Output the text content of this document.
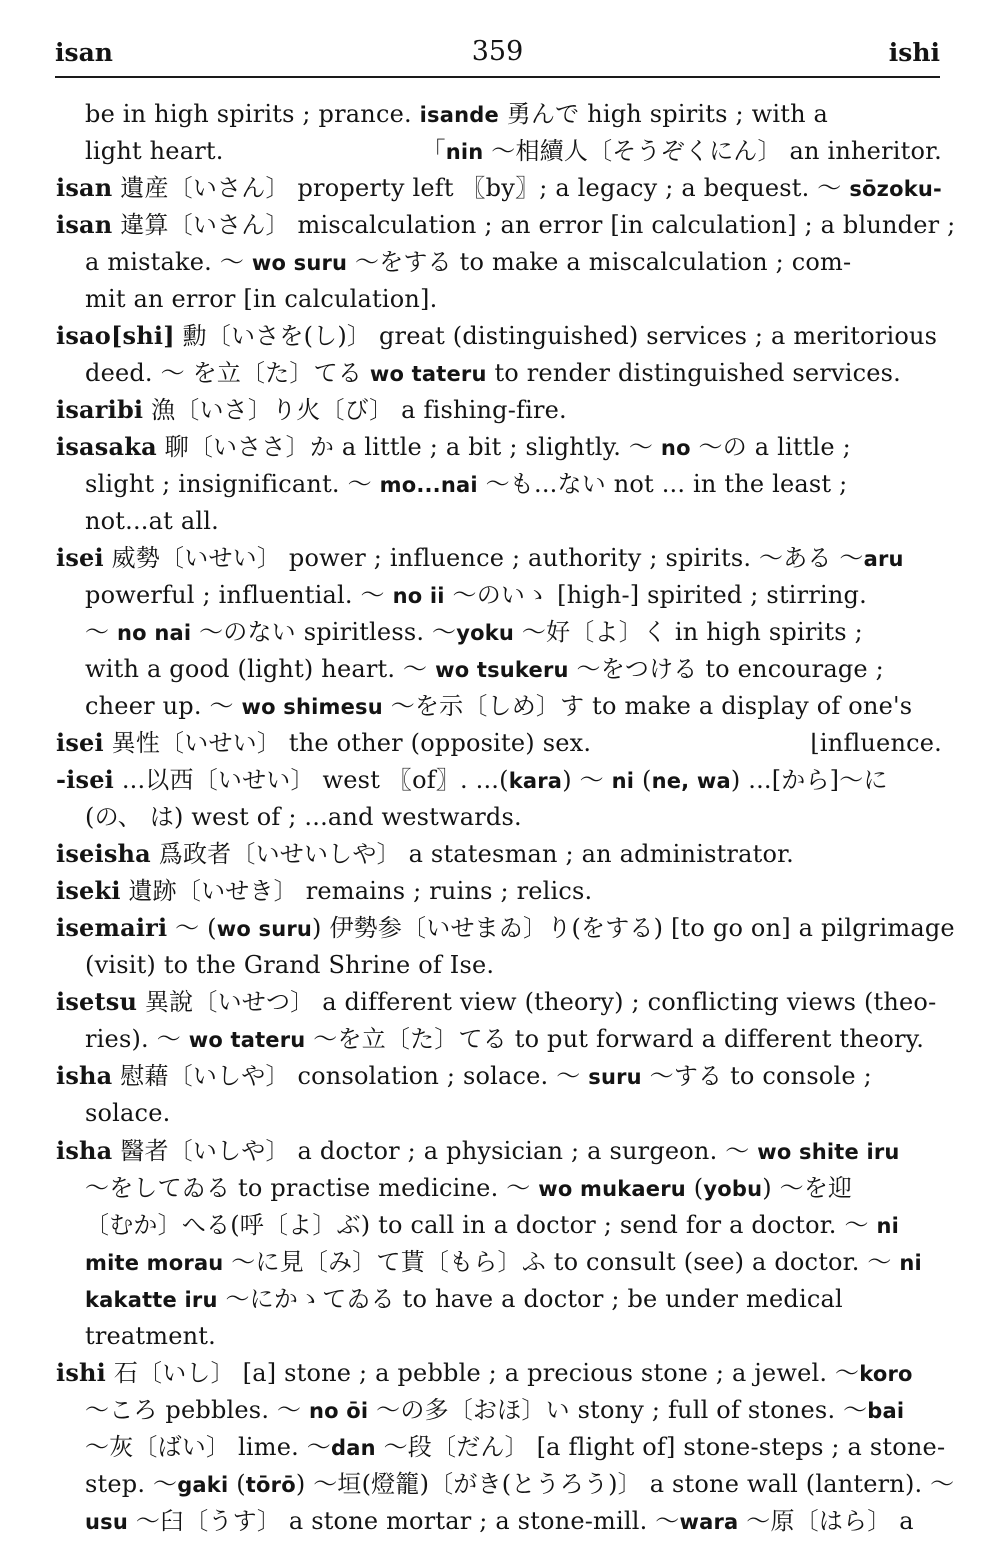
isan	359	ishi
be in high spirits ; prance. isande 勇んで high spirits ; with a
light heart.	「nin ～相續人〔そうぞくにん〕 an inheritor.
isan 遺産〔いさん〕 property left 〖by〗; a legacy ; a bequest. ～ sōzoku-
isan 違算〔いさん〕 miscalculation ; an error [in calculation] ; a blunder ;
a mistake. ～ wo suru ～をする to make a miscalculation ; com-
mit an error [in calculation].
isao[shi] 勳〔いさを(し)〕 great (distinguished) services ; a meritorious
deed. ～ を立〔た〕てる wo tateru to render distinguished services.
isaribi 漁〔いさ〕り火〔び〕 a fishing-fire.
isasaka 聊〔いささ〕か a little ; a bit ; slightly. ～ no ～の a little ;
slight ; insignificant. ～ mo...nai ～も...ない not ... in the least ;
not...at all.
isei 威勢〔いせい〕 power ; influence ; authority ; spirits. ～ある ～aru
powerful ; influential. ～ no ii ～のいゝ [high-] spirited ; stirring.
～ no nai ～のない spiritless. ～yoku ～好〔よ〕く in high spirits ;
with a good (light) heart. ～ wo tsukeru ～をつける to encourage ;
cheer up. ～ wo shimesu ～を示〔しめ〕す to make a display of one's
isei 異性〔いせい〕 the other (opposite) sex.	⌊influence.
-isei ...以西〔いせい〕 west 〖of〗. ...(kara) ～ ni (ne, wa) ...[から]～に
(の、 は) west of ; ...and westwards.
iseisha 爲政者〔いせいしや〕 a statesman ; an administrator.
iseki 遺跡〔いせき〕 remains ; ruins ; relics.
isemairi ～ (wo suru) 伊勢参〔いせまゐ〕り(をする) [to go on] a pilgrimage
(visit) to the Grand Shrine of Ise.
isetsu 異說〔いせつ〕 a different view (theory) ; conflicting views (theo-
ries). ～ wo tateru ～を立〔た〕てる to put forward a different theory.
isha 慰藉〔いしや〕 consolation ; solace. ～ suru ～する to console ;
solace.
isha 醫者〔いしや〕 a doctor ; a physician ; a surgeon. ～ wo shite iru
～をしてゐる to practise medicine. ～ wo mukaeru (yobu) ～を迎
〔むか〕へる(呼〔よ〕ぶ) to call in a doctor ; send for a doctor. ～ ni
mite morau ～に見〔み〕て貰〔もら〕ふ to consult (see) a doctor. ～ ni
kakatte iru ～にかゝてゐる to have a doctor ; be under medical
treatment.
ishi 石〔いし〕 [a] stone ; a pebble ; a precious stone ; a jewel. ～koro
～ころ pebbles. ～ no ōi ～の多〔おほ〕い stony ; full of stones. ～bai
～灰〔ばい〕 lime. ～dan ～段〔だん〕 [a flight of] stone-steps ; a stone-
step. ～gaki (tōrō) ～垣(燈籠)〔がき(とうろう)〕 a stone wall (lantern). ～
usu ～臼〔うす〕 a stone mortar ; a stone-mill. ～wara ～原〔はら〕 a
